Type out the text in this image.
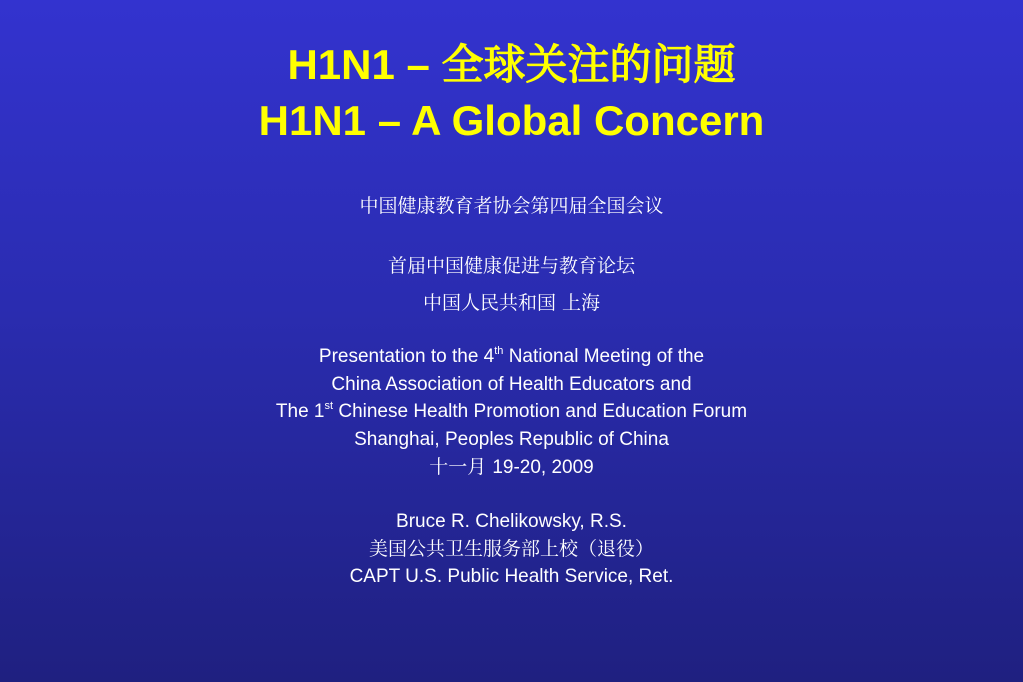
H1N1 – 全球关注的问题
H1N1 – A Global Concern

中国健康教育者协会第四届全国会议

首届中国健康促进与教育论坛

中国人民共和国 上海

Presentation to the 4th National Meeting of the

China Association of Health Educators and

The 1st Chinese Health Promotion and Education Forum

Shanghai, Peoples Republic of China

十一月 19-20, 2009

Bruce R. Chelikowsky, R.S.

美国公共卫生服务部上校（退役）

CAPT U.S. Public Health Service, Ret.
